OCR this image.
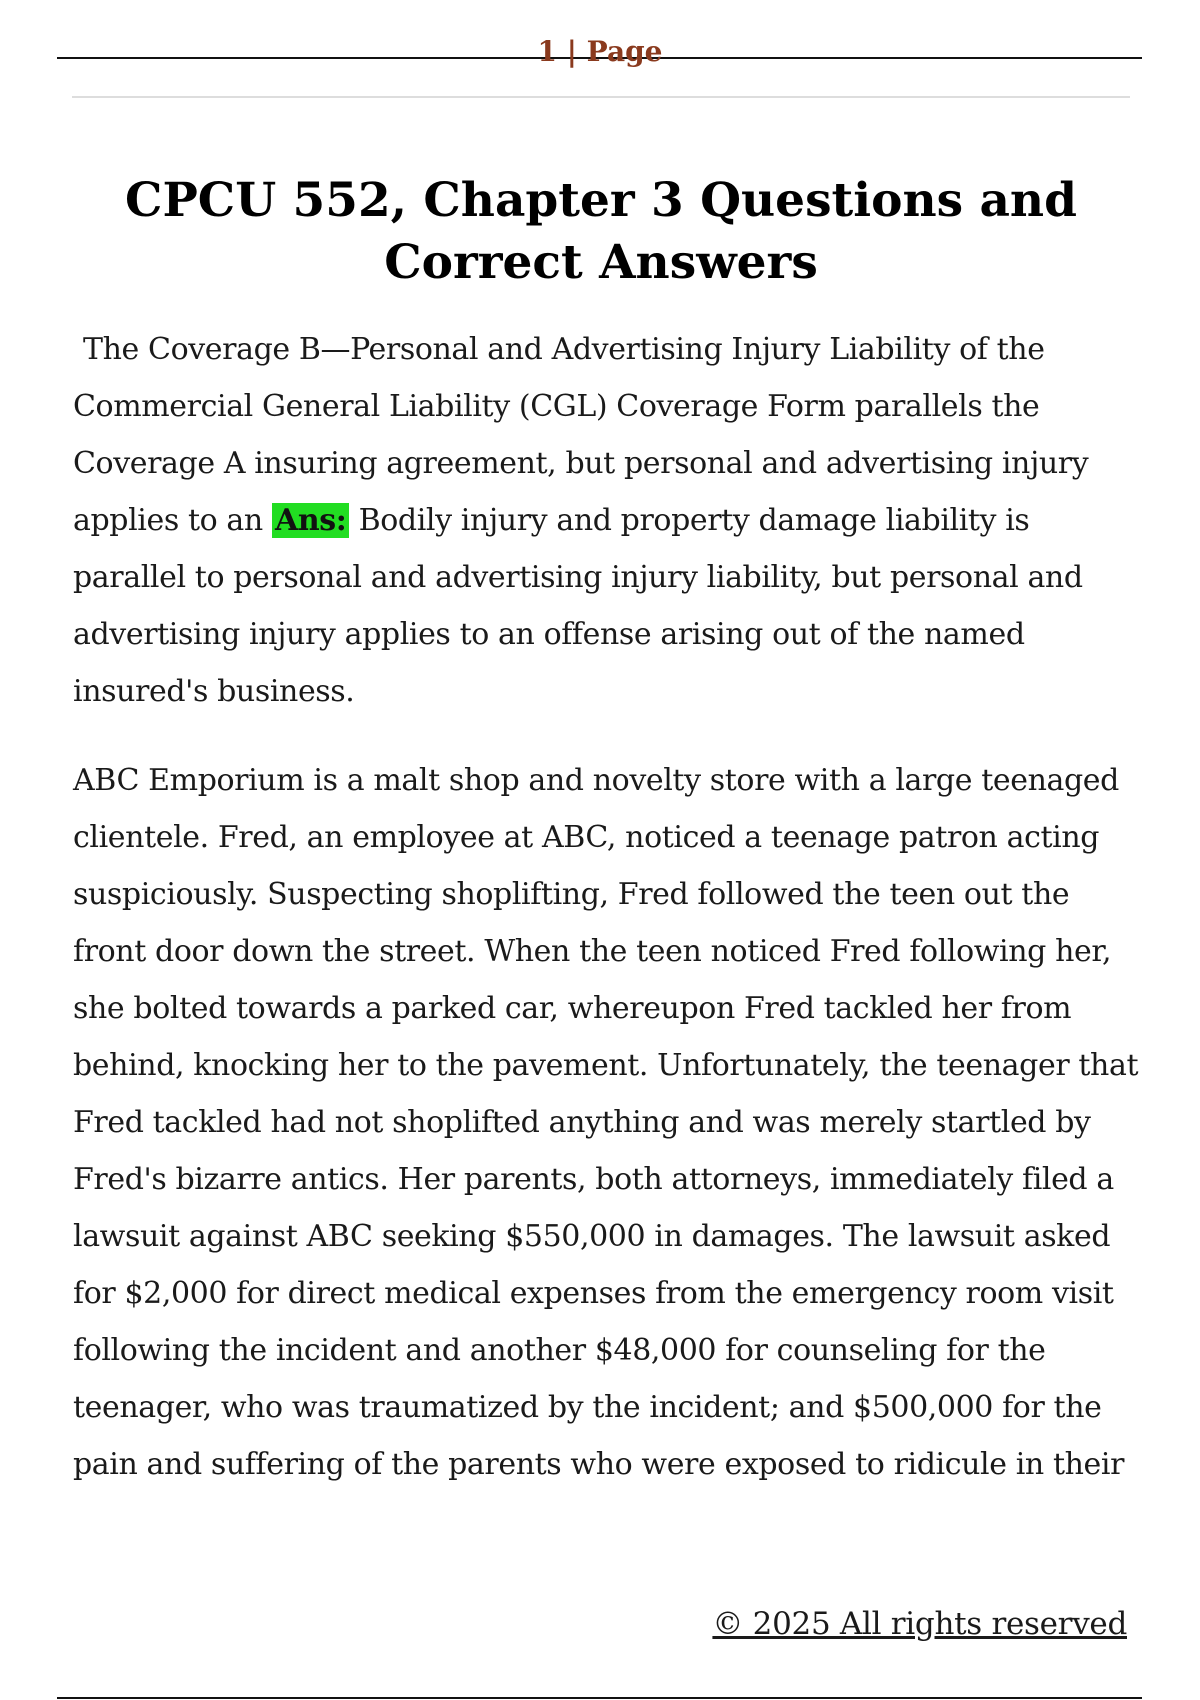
1 | Page
CPCU 552, Chapter 3 Questions and Correct Answers

The Coverage B—Personal and Advertising Injury Liability of the Commercial General Liability (CGL) Coverage Form parallels the Coverage A insuring agreement, but personal and advertising injury applies to an Ans: Bodily injury and property damage liability is parallel to personal and advertising injury liability, but personal and advertising injury applies to an offense arising out of the named insured's business.

ABC Emporium is a malt shop and novelty store with a large teenaged clientele. Fred, an employee at ABC, noticed a teenage patron acting suspiciously. Suspecting shoplifting, Fred followed the teen out the front door down the street. When the teen noticed Fred following her, she bolted towards a parked car, whereupon Fred tackled her from behind, knocking her to the pavement. Unfortunately, the teenager that Fred tackled had not shoplifted anything and was merely startled by Fred's bizarre antics. Her parents, both attorneys, immediately filed a lawsuit against ABC seeking $550,000 in damages. The lawsuit asked for $2,000 for direct medical expenses from the emergency room visit following the incident and another $48,000 for counseling for the teenager, who was traumatized by the incident; and $500,000 for the pain and suffering of the parents who were exposed to ridicule in their

© 2025 All rights reserved
